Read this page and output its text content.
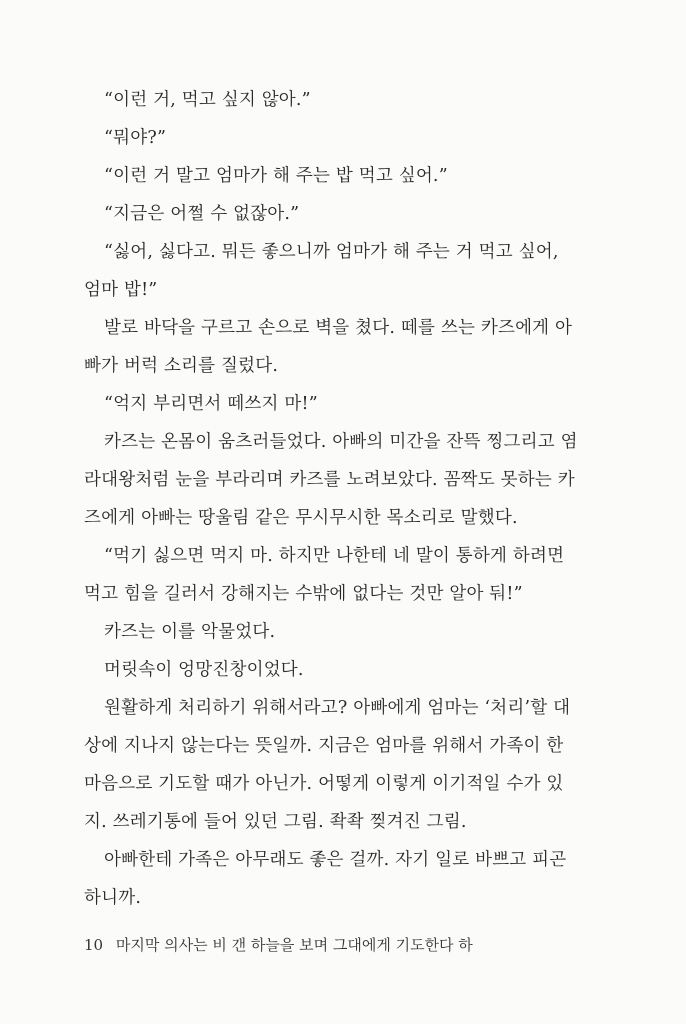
“이런 거, 먹고 싶지 않아.”
“뭐야?”
“이런 거 말고 엄마가 해 주는 밥 먹고 싶어.”
“지금은 어쩔 수 없잖아.”
“싫어, 싫다고. 뭐든 좋으니까 엄마가 해 주는 거 먹고 싶어,
엄마 밥!”
발로 바닥을 구르고 손으로 벽을 쳤다. 떼를 쓰는 카즈에게 아
빠가 버럭 소리를 질렀다.
“억지 부리면서 떼쓰지 마!”
카즈는 온몸이 움츠러들었다. 아빠의 미간을 잔뜩 찡그리고 염
라대왕처럼 눈을 부라리며 카즈를 노려보았다. 꼼짝도 못하는 카
즈에게 아빠는 땅울림 같은 무시무시한 목소리로 말했다.
“먹기 싫으면 먹지 마. 하지만 나한테 네 말이 통하게 하려면
먹고 힘을 길러서 강해지는 수밖에 없다는 것만 알아 둬!”
카즈는 이를 악물었다.
머릿속이 엉망진창이었다.
원활하게 처리하기 위해서라고? 아빠에게 엄마는 ‘처리’할 대
상에 지나지 않는다는 뜻일까. 지금은 엄마를 위해서 가족이 한
마음으로 기도할 때가 아닌가. 어떻게 이렇게 이기적일 수가 있
지. 쓰레기통에 들어 있던 그림. 좍좍 찢겨진 그림.
아빠한테 가족은 아무래도 좋은 걸까. 자기 일로 바쁘고 피곤
하니까.
10 마지막 의사는 비 갠 하늘을 보며 그대에게 기도한다 하
